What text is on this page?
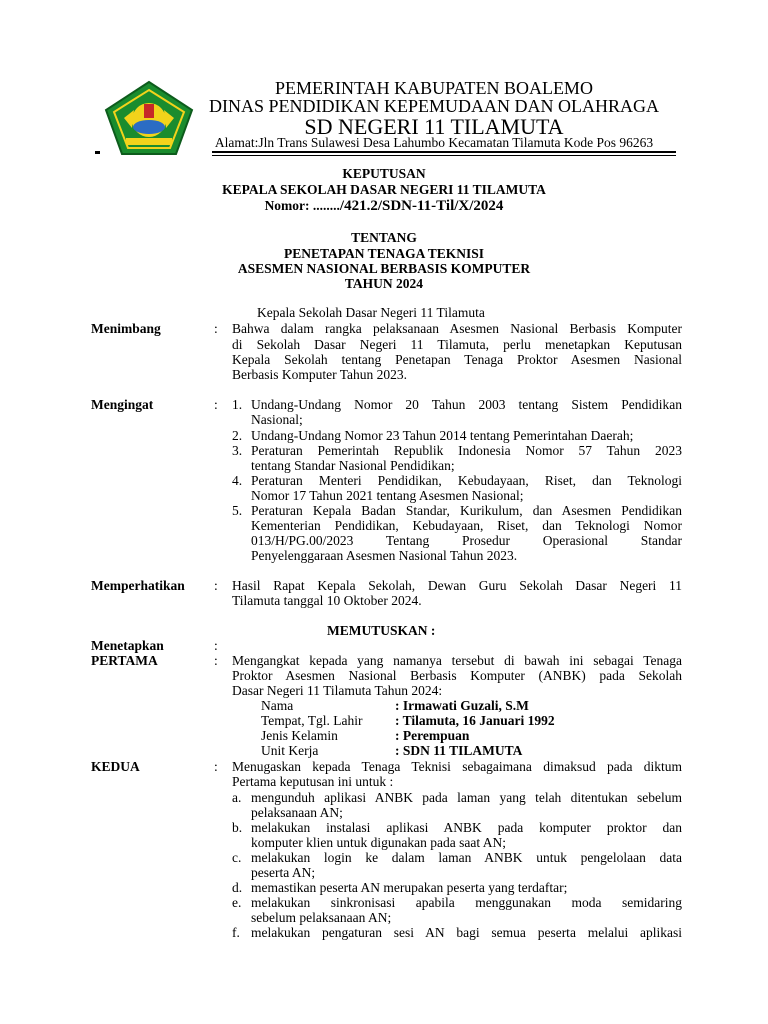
PEMERINTAH KABUPATEN BOALEMO
DINAS PENDIDIKAN KEPEMUDAAN DAN OLAHRAGA
SD NEGERI 11 TILAMUTA
Alamat:Jln Trans Sulawesi Desa Lahumbo Kecamatan Tilamuta Kode Pos 96263
KEPUTUSAN
KEPALA SEKOLAH DASAR NEGERI 11 TILAMUTA
Nomor: ......../421.2/SDN-11-Til/X/2024
TENTANG
PENETAPAN TENAGA TEKNISI
ASESMEN NASIONAL BERBASIS KOMPUTER
TAHUN 2024
Kepala Sekolah Dasar Negeri 11 Tilamuta
Menimbang	: Bahwa dalam rangka pelaksanaan Asesmen Nasional Berbasis Komputer
di Sekolah Dasar Negeri 11 Tilamuta, perlu menetapkan Keputusan
Kepala Sekolah tentang Penetapan Tenaga Proktor Asesmen Nasional
Berbasis Komputer Tahun 2023.
Mengingat	: 1. Undang-Undang Nomor 20 Tahun 2003 tentang Sistem Pendidikan
Nasional;
2. Undang-Undang Nomor 23 Tahun 2014 tentang Pemerintahan Daerah;
3. Peraturan Pemerintah Republik Indonesia Nomor 57 Tahun 2023
tentang Standar Nasional Pendidikan;
4. Peraturan Menteri Pendidikan, Kebudayaan, Riset, dan Teknologi
Nomor 17 Tahun 2021 tentang Asesmen Nasional;
5. Peraturan Kepala Badan Standar, Kurikulum, dan Asesmen Pendidikan
Kementerian Pendidikan, Kebudayaan, Riset, dan Teknologi Nomor
013/H/PG.00/2023 Tentang Prosedur Operasional Standar
Penyelenggaraan Asesmen Nasional Tahun 2023.
Memperhatikan : Hasil Rapat Kepala Sekolah, Dewan Guru Sekolah Dasar Negeri 11
Tilamuta tanggal 10 Oktober 2024.
MEMUTUSKAN :
Menetapkan	:
PERTAMA	: Mengangkat kepada yang namanya tersebut di bawah ini sebagai Tenaga
Proktor Asesmen Nasional Berbasis Komputer (ANBK) pada Sekolah
Dasar Negeri 11 Tilamuta Tahun 2024:
Nama	: Irmawati Guzali, S.M
Tempat, Tgl. Lahir : Tilamuta, 16 Januari 1992
Jenis Kelamin	: Perempuan
Unit Kerja	: SDN 11 TILAMUTA
KEDUA	: Menugaskan kepada Tenaga Teknisi sebagaimana dimaksud pada diktum
Pertama keputusan ini untuk :
a. mengunduh aplikasi ANBK pada laman yang telah ditentukan sebelum
pelaksanaan AN;
b. melakukan instalasi aplikasi ANBK pada komputer proktor dan
komputer klien untuk digunakan pada saat AN;
c. melakukan login ke dalam laman ANBK untuk pengelolaan data
peserta AN;
d. memastikan peserta AN merupakan peserta yang terdaftar;
e. melakukan sinkronisasi apabila menggunakan moda semidaring
sebelum pelaksanaan AN;
f. melakukan pengaturan sesi AN bagi semua peserta melalui aplikasi
